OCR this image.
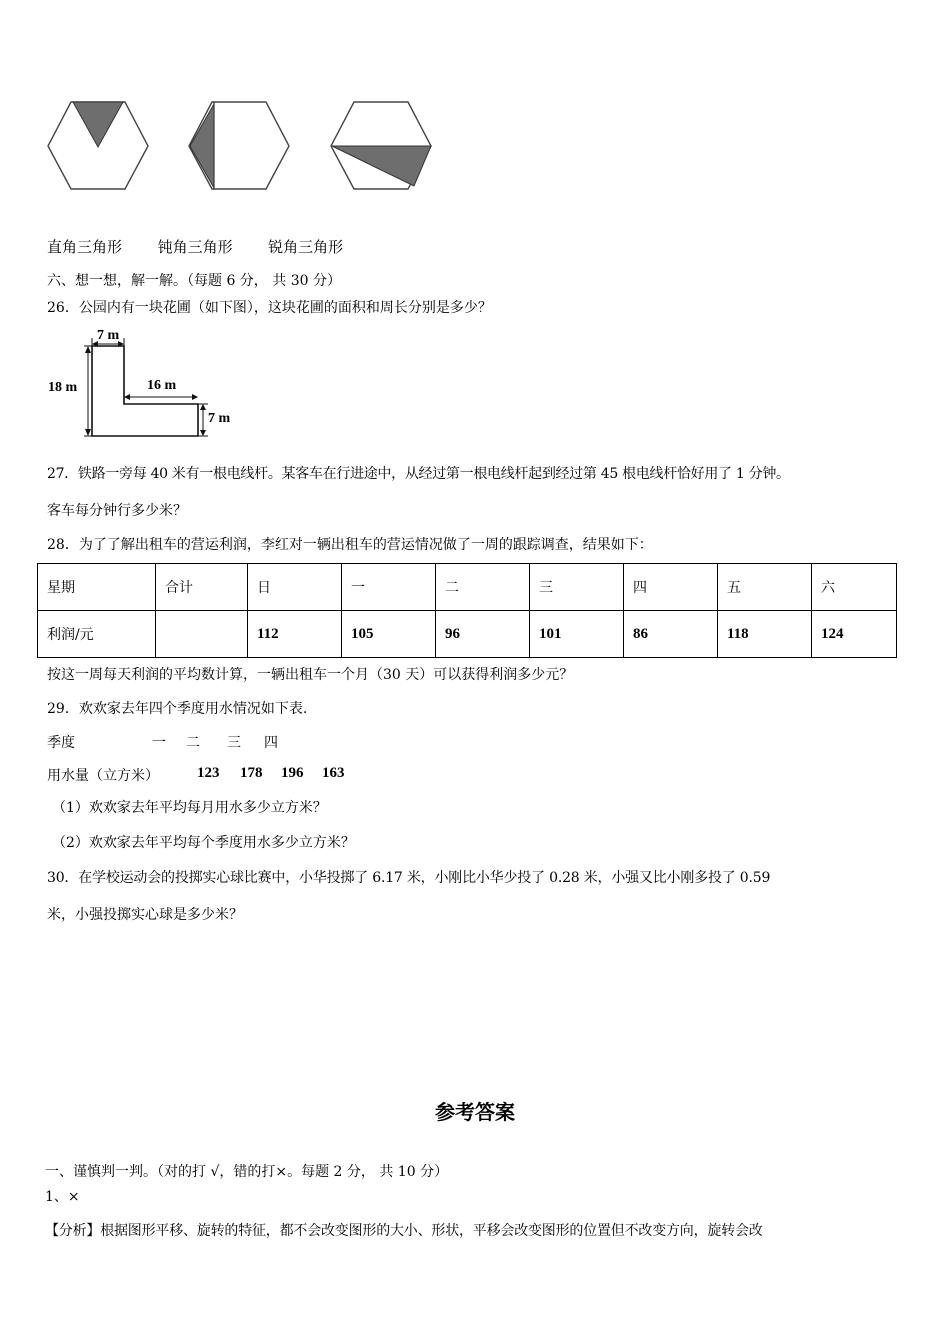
直角三角形 钝角三角形 锐角三角形
六、想一想，解一解。（每题 6 分， 共 30 分）
26．公园内有一块花圃（如下图），这块花圃的面积和周长分别是多少？
7 m
18 m	16 m
7 m
27．铁路一旁每 40 米有一根电线杆。某客车在行进途中，从经过第一根电线杆起到经过第 45 根电线杆恰好用了 1 分钟。
客车每分钟行多少米？
28．为了了解出租车的营运利润，李红对一辆出租车的营运情况做了一周的跟踪调查，结果如下：
星期	合计	日	一	二	三	四	五	六
利润/元		112	105	96	101	86	118	124
按这一周每天利润的平均数计算，一辆出租车一个月（30 天）可以获得利润多少元？
29．欢欢家去年四个季度用水情况如下表.
季度	一 二 三 四
用水量（立方米）	123 178 196 163
（1）欢欢家去年平均每月用水多少立方米？
（2）欢欢家去年平均每个季度用水多少立方米？
30．在学校运动会的投掷实心球比赛中，小华投掷了 6.17 米，小刚比小华少投了 0.28 米，小强又比小刚多投了 0.59
米，小强投掷实心球是多少米？
参考答案
一、谨慎判一判。（对的打 √，错的打×。每题 2 分， 共 10 分）
1、×
【分析】根据图形平移、旋转的特征，都不会改变图形的大小、形状，平移会改变图形的位置但不改变方向，旋转会改
